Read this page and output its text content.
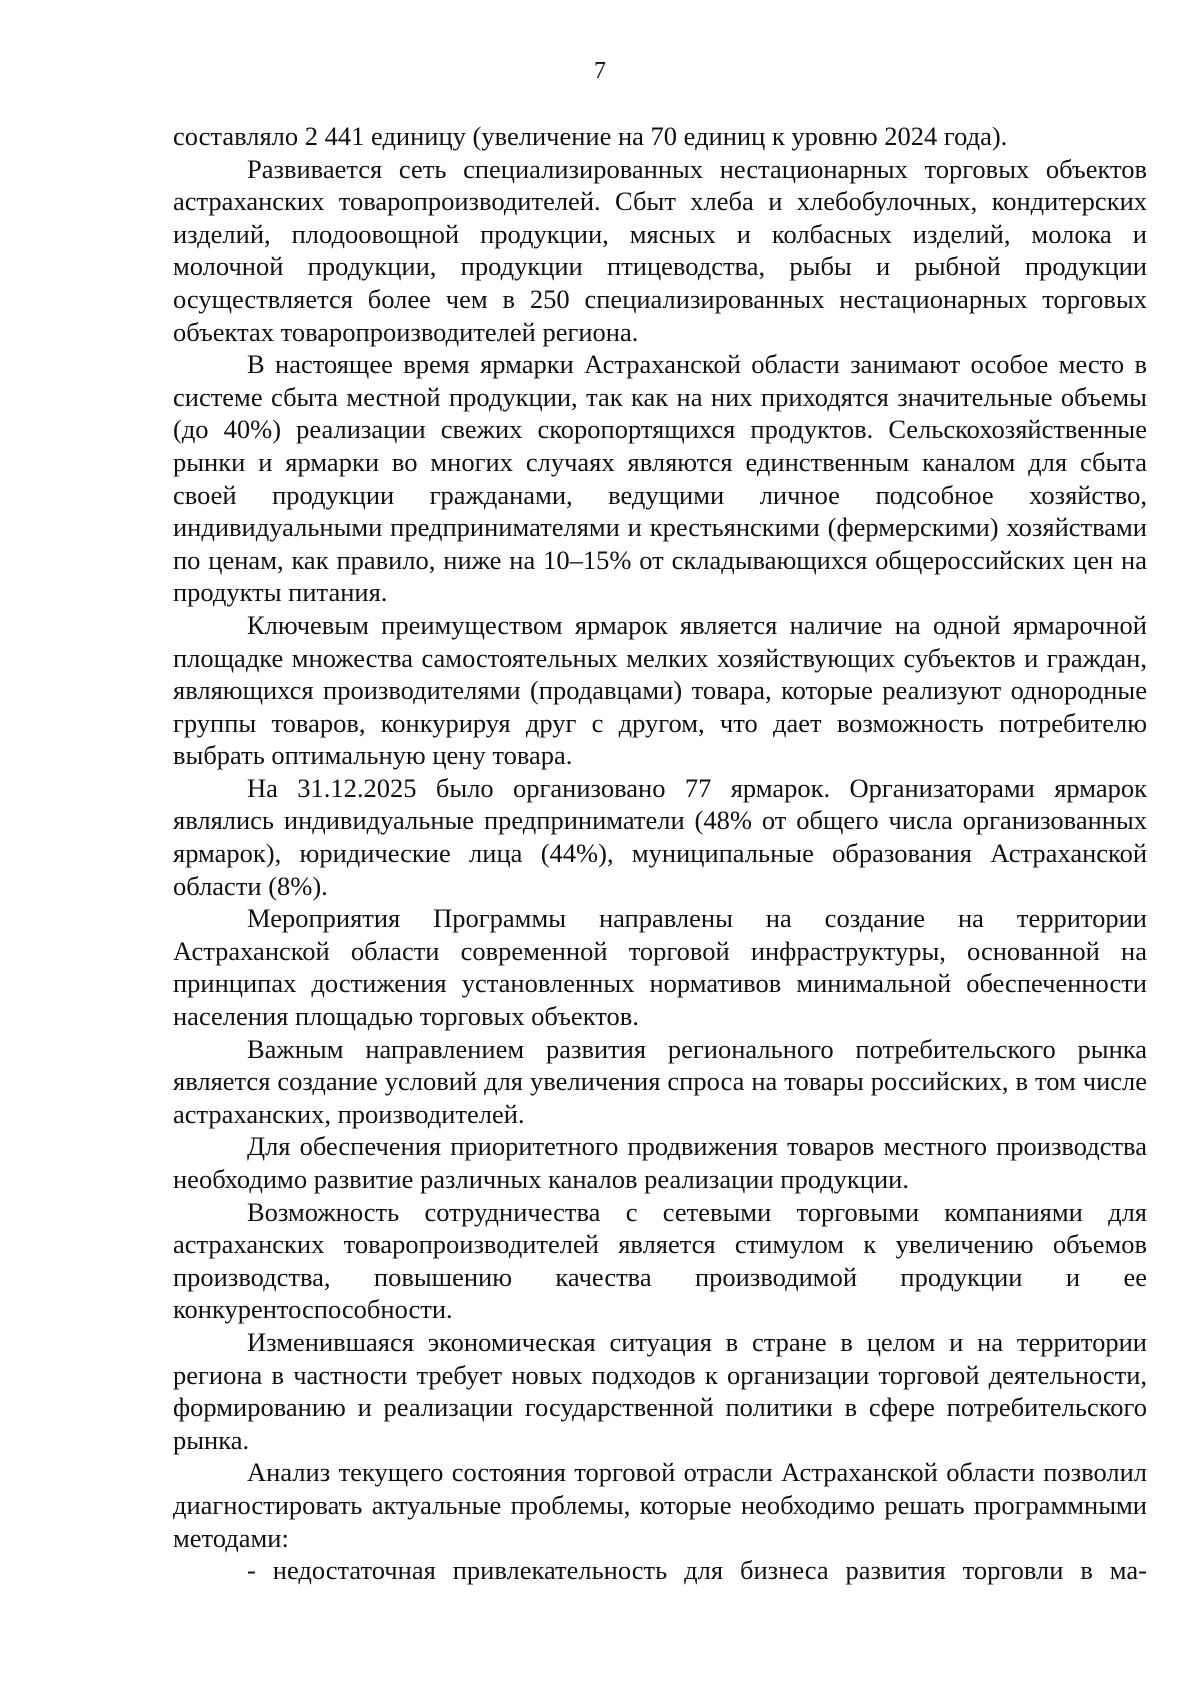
7

составляло 2 441 единицу (увеличение на 70 единиц к уровню 2024 года).

Развивается сеть специализированных нестационарных торговых объектов астраханских товаропроизводителей. Сбыт хлеба и хлебобулочных, кондитерских изделий, плодоовощной продукции, мясных и колбасных изделий, молока и молочной продукции, продукции птицеводства, рыбы и рыбной продукции осуществляется более чем в 250 специализированных нестационарных торговых объектах товаропроизводителей региона.

В настоящее время ярмарки Астраханской области занимают особое место в системе сбыта местной продукции, так как на них приходятся значительные объемы (до 40%) реализации свежих скоропортящихся продуктов. Сельскохозяйственные рынки и ярмарки во многих случаях являются единственным каналом для сбыта своей продукции гражданами, ведущими личное подсобное хозяйство, индивидуальными предпринимателями и крестьянскими (фермерскими) хозяйствами по ценам, как правило, ниже на 10–15% от складывающихся общероссийских цен на продукты питания.

Ключевым преимуществом ярмарок является наличие на одной ярмарочной площадке множества самостоятельных мелких хозяйствующих субъектов и граждан, являющихся производителями (продавцами) товара, которые реализуют однородные группы товаров, конкурируя друг с другом, что дает возможность потребителю выбрать оптимальную цену товара.

На 31.12.2025 было организовано 77 ярмарок. Организаторами ярмарок являлись индивидуальные предприниматели (48% от общего числа организованных ярмарок), юридические лица (44%), муниципальные образования Астраханской области (8%).

Мероприятия Программы направлены на создание на территории Астраханской области современной торговой инфраструктуры, основанной на принципах достижения установленных нормативов минимальной обеспеченности населения площадью торговых объектов.

Важным направлением развития регионального потребительского рынка является создание условий для увеличения спроса на товары российских, в том числе астраханских, производителей.

Для обеспечения приоритетного продвижения товаров местного производства необходимо развитие различных каналов реализации продукции.

Возможность сотрудничества с сетевыми торговыми компаниями для астраханских товаропроизводителей является стимулом к увеличению объемов производства, повышению качества производимой продукции и ее конкурентоспособности.

Изменившаяся экономическая ситуация в стране в целом и на территории региона в частности требует новых подходов к организации торговой деятельности, формированию и реализации государственной политики в сфере потребительского рынка.

Анализ текущего состояния торговой отрасли Астраханской области позволил диагностировать актуальные проблемы, которые необходимо решать программными методами:

- недостаточная привлекательность для бизнеса развития торговли в ма-
